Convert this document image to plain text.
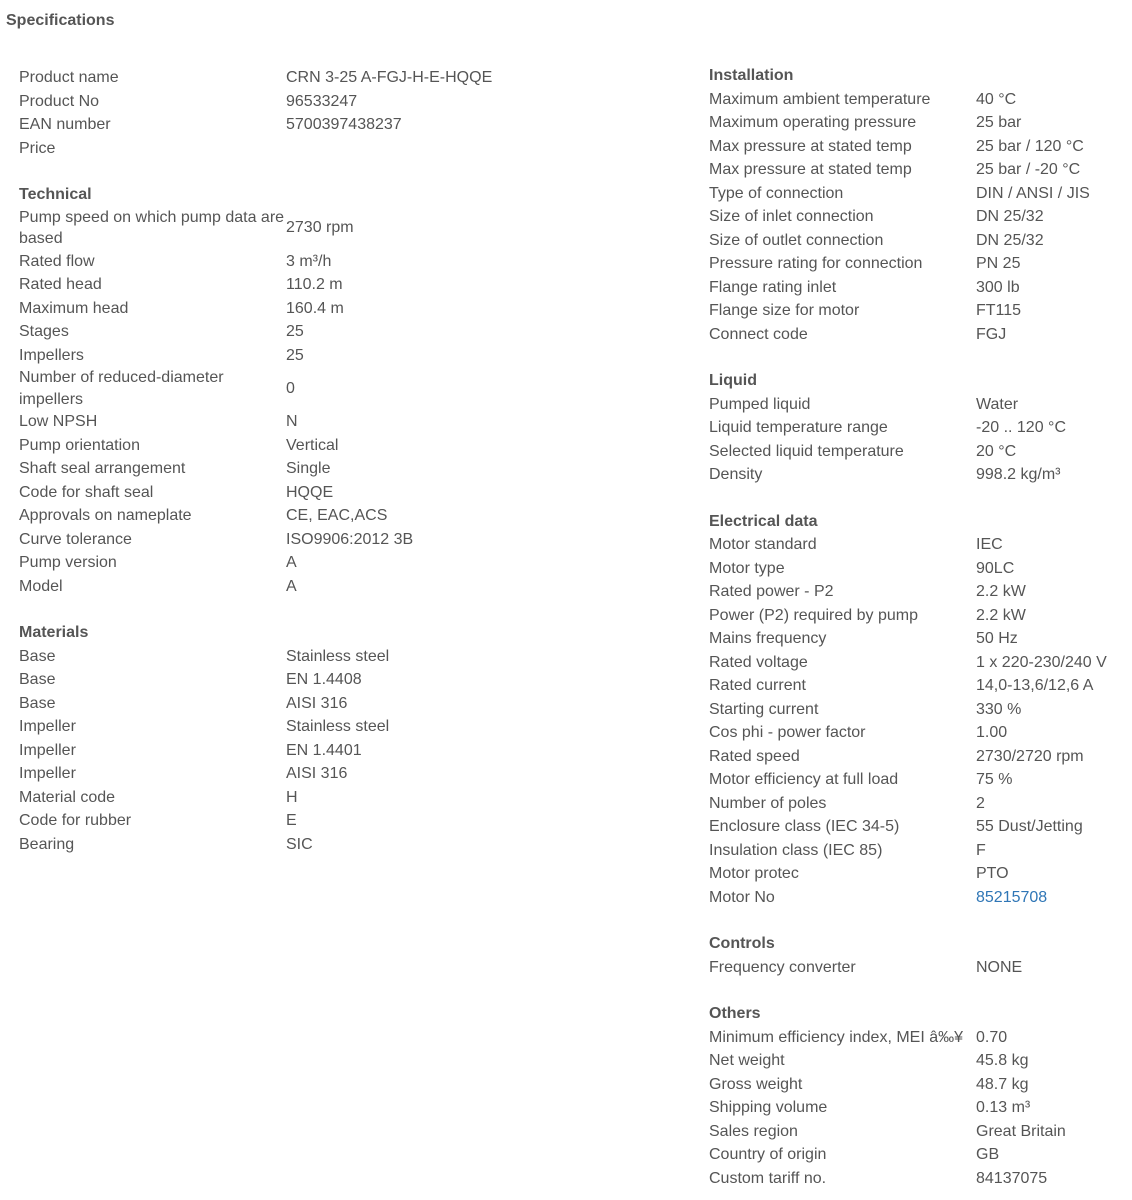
Specifications
Product name	CRN 3-25 A-FGJ-H-E-HQQE
Product No	96533247
EAN number	5700397438237
Price	
Technical
Pump speed on which pump data are based	2730 rpm
Rated flow	3 m³/h
Rated head	110.2 m
Maximum head	160.4 m
Stages	25
Impellers	25
Number of reduced-diameter impellers	0
Low NPSH	N
Pump orientation	Vertical
Shaft seal arrangement	Single
Code for shaft seal	HQQE
Approvals on nameplate	CE, EAC,ACS
Curve tolerance	ISO9906:2012 3B
Pump version	A
Model	A
Materials
Base	Stainless steel
Base	EN 1.4408
Base	AISI 316
Impeller	Stainless steel
Impeller	EN 1.4401
Impeller	AISI 316
Material code	H
Code for rubber	E
Bearing	SIC
Installation
Maximum ambient temperature	40 °C
Maximum operating pressure	25 bar
Max pressure at stated temp	25 bar / 120 °C
Max pressure at stated temp	25 bar / -20 °C
Type of connection	DIN / ANSI / JIS
Size of inlet connection	DN 25/32
Size of outlet connection	DN 25/32
Pressure rating for connection	PN 25
Flange rating inlet	300 lb
Flange size for motor	FT115
Connect code	FGJ
Liquid
Pumped liquid	Water
Liquid temperature range	-20 .. 120 °C
Selected liquid temperature	20 °C
Density	998.2 kg/m³
Electrical data
Motor standard	IEC
Motor type	90LC
Rated power - P2	2.2 kW
Power (P2) required by pump	2.2 kW
Mains frequency	50 Hz
Rated voltage	1 x 220-230/240 V
Rated current	14,0-13,6/12,6 A
Starting current	330 %
Cos phi - power factor	1.00
Rated speed	2730/2720 rpm
Motor efficiency at full load	75 %
Number of poles	2
Enclosure class (IEC 34-5)	55 Dust/Jetting
Insulation class (IEC 85)	F
Motor protec	PTO
Motor No	85215708
Controls
Frequency converter	NONE
Others
Minimum efficiency index, MEI â‰¥	0.70
Net weight	45.8 kg
Gross weight	48.7 kg
Shipping volume	0.13 m³
Sales region	Great Britain
Country of origin	GB
Custom tariff no.	84137075
